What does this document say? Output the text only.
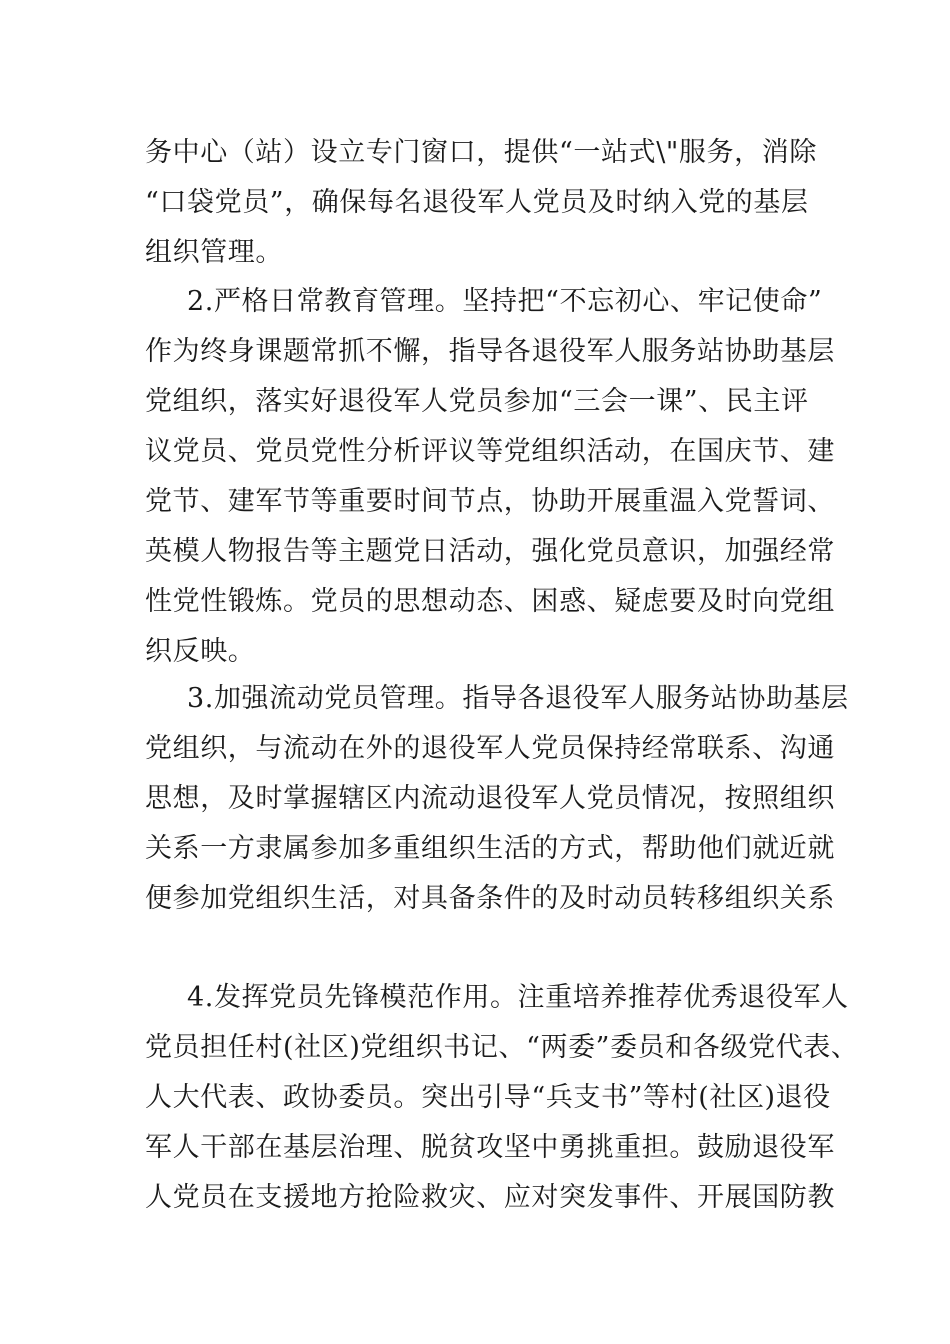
务中心（站）设立专门窗口，提供“一站式\"服务，消除
“口袋党员”，确保每名退役军人党员及时纳入党的基层
组织管理。
2.严格日常教育管理。坚持把“不忘初心、牢记使命”
作为终身课题常抓不懈，指导各退役军人服务站协助基层
党组织，落实好退役军人党员参加“三会一课”、民主评
议党员、党员党性分析评议等党组织活动，在国庆节、建
党节、建军节等重要时间节点，协助开展重温入党誓词、
英模人物报告等主题党日活动，强化党员意识，加强经常
性党性锻炼。党员的思想动态、困惑、疑虑要及时向党组
织反映。
3.加强流动党员管理。指导各退役军人服务站协助基层
党组织，与流动在外的退役军人党员保持经常联系、沟通
思想，及时掌握辖区内流动退役军人党员情况，按照组织
关系一方隶属参加多重组织生活的方式，帮助他们就近就
便参加党组织生活，对具备条件的及时动员转移组织关系
4.发挥党员先锋模范作用。注重培养推荐优秀退役军人
党员担任村(社区)党组织书记、“两委”委员和各级党代表、
人大代表、政协委员。突出引导“兵支书”等村(社区)退役
军人干部在基层治理、脱贫攻坚中勇挑重担。鼓励退役军
人党员在支援地方抢险救灾、应对突发事件、开展国防教
